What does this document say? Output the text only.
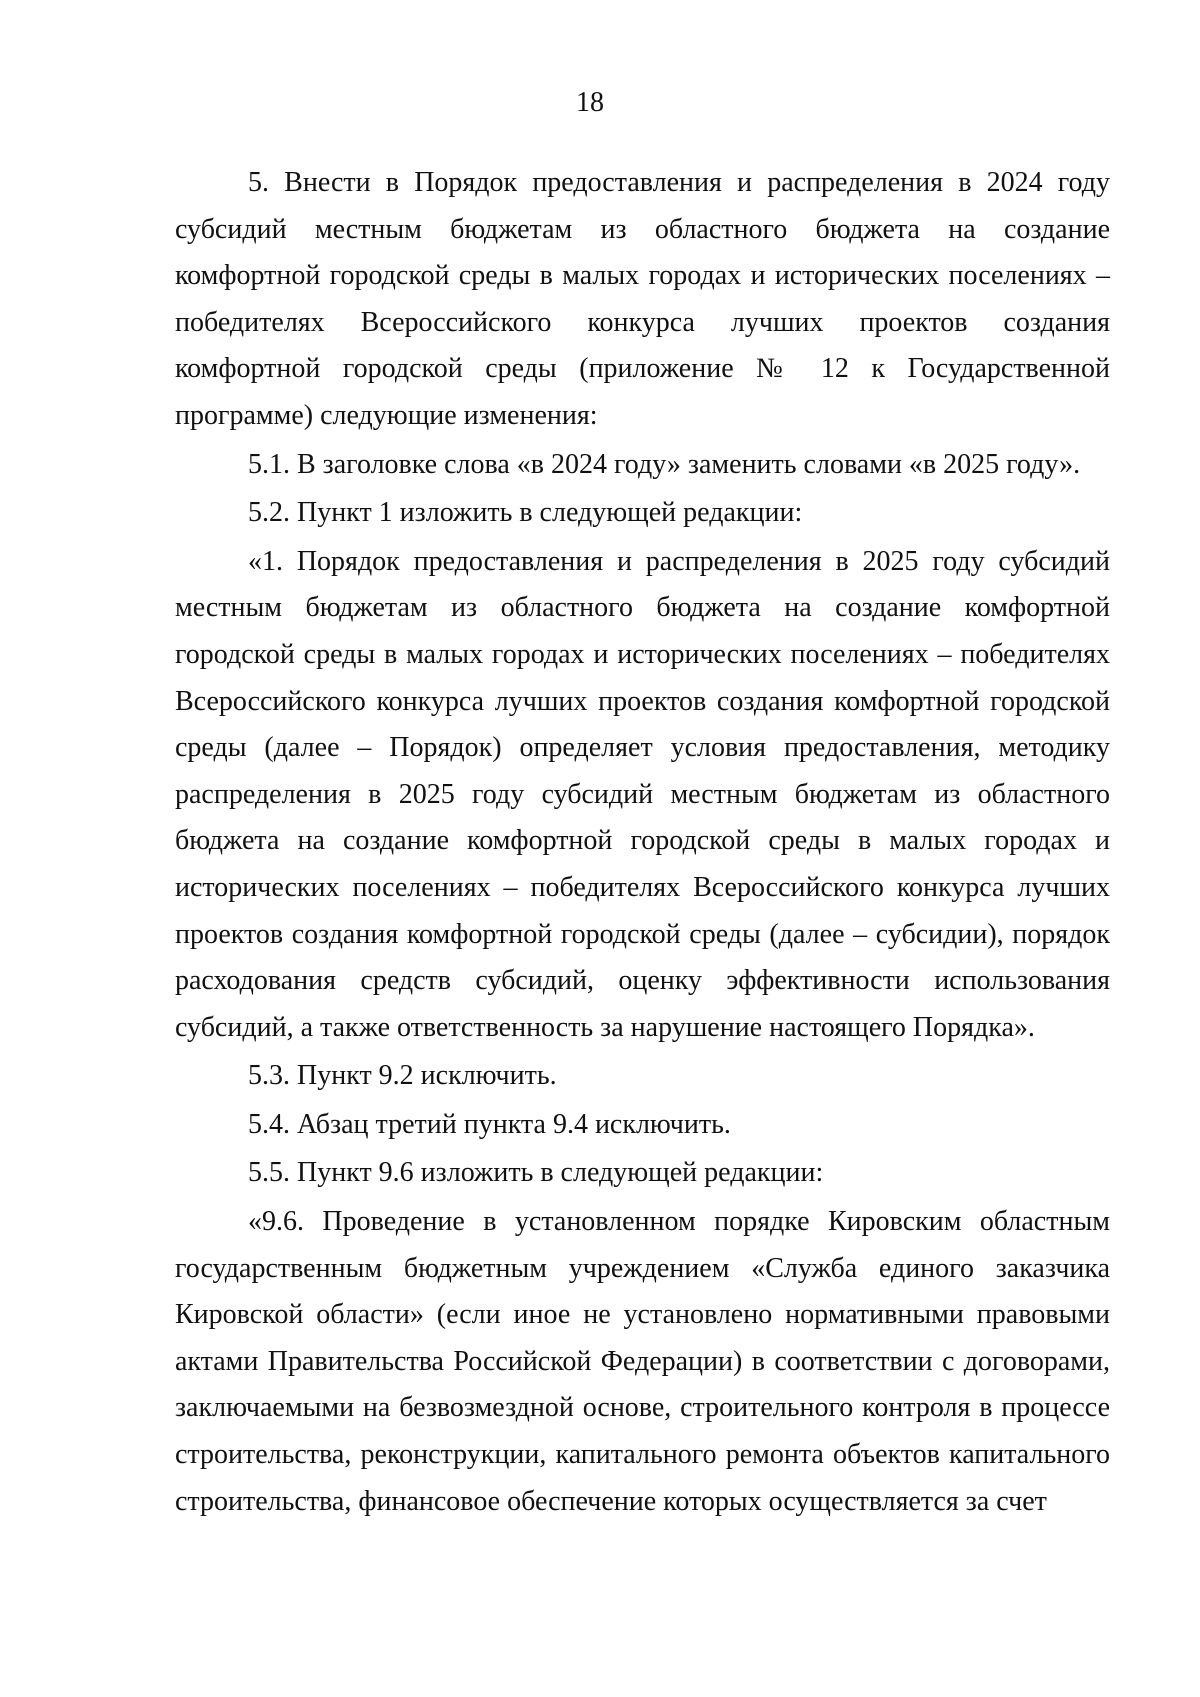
18

5. Внести в Порядок предоставления и распределения в 2024 году субсидий местным бюджетам из областного бюджета на создание комфортной городской среды в малых городах и исторических поселениях – победителях Всероссийского конкурса лучших проектов создания комфортной городской среды (приложение № 12 к Государственной программе) следующие изменения:

5.1. В заголовке слова «в 2024 году» заменить словами «в 2025 году».

5.2. Пункт 1 изложить в следующей редакции:

«1. Порядок предоставления и распределения в 2025 году субсидий местным бюджетам из областного бюджета на создание комфортной городской среды в малых городах и исторических поселениях – победителях Всероссийского конкурса лучших проектов создания комфортной городской среды (далее – Порядок) определяет условия предоставления, методику распределения в 2025 году субсидий местным бюджетам из областного бюджета на создание комфортной городской среды в малых городах и исторических поселениях – победителях Всероссийского конкурса лучших проектов создания комфортной городской среды (далее – субсидии), порядок расходования средств субсидий, оценку эффективности использования субсидий, а также ответственность за нарушение настоящего Порядка».

5.3. Пункт 9.2 исключить.

5.4. Абзац третий пункта 9.4 исключить.

5.5. Пункт 9.6 изложить в следующей редакции:

«9.6. Проведение в установленном порядке Кировским областным государственным бюджетным учреждением «Служба единого заказчика Кировской области» (если иное не установлено нормативными правовыми актами Правительства Российской Федерации) в соответствии с договорами, заключаемыми на безвозмездной основе, строительного контроля в процессе строительства, реконструкции, капитального ремонта объектов капитального строительства, финансовое обеспечение которых осуществляется за счет
